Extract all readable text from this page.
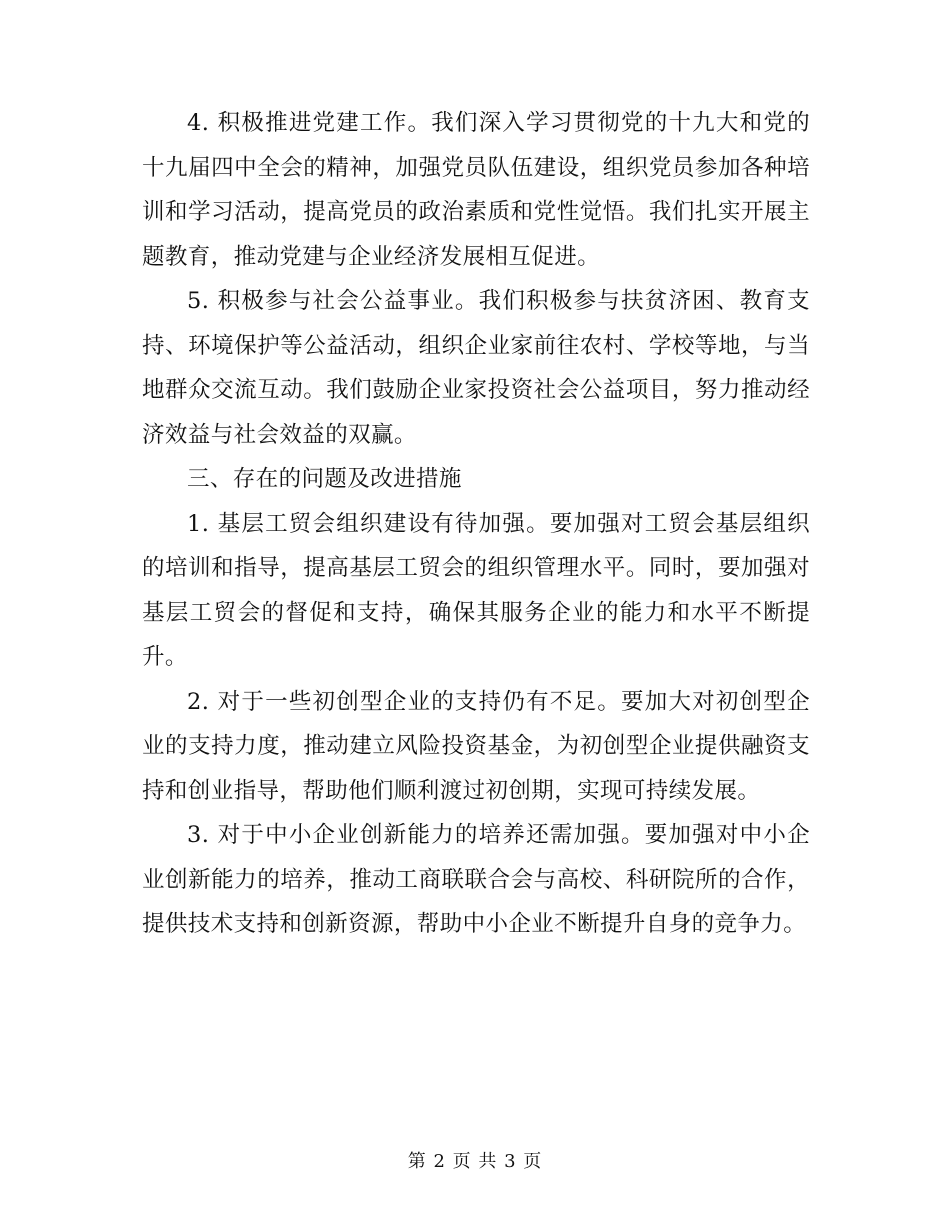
4. 积极推进党建工作。我们深入学习贯彻党的十九大和党的十九届四中全会的精神，加强党员队伍建设，组织党员参加各种培训和学习活动，提高党员的政治素质和党性觉悟。我们扎实开展主题教育，推动党建与企业经济发展相互促进。

5. 积极参与社会公益事业。我们积极参与扶贫济困、教育支持、环境保护等公益活动，组织企业家前往农村、学校等地，与当地群众交流互动。我们鼓励企业家投资社会公益项目，努力推动经济效益与社会效益的双赢。

三、存在的问题及改进措施

1. 基层工贸会组织建设有待加强。要加强对工贸会基层组织的培训和指导，提高基层工贸会的组织管理水平。同时，要加强对基层工贸会的督促和支持，确保其服务企业的能力和水平不断提升。

2. 对于一些初创型企业的支持仍有不足。要加大对初创型企业的支持力度，推动建立风险投资基金，为初创型企业提供融资支持和创业指导，帮助他们顺利渡过初创期，实现可持续发展。

3. 对于中小企业创新能力的培养还需加强。要加强对中小企业创新能力的培养，推动工商联联合会与高校、科研院所的合作，提供技术支持和创新资源，帮助中小企业不断提升自身的竞争力。

第 2 页 共 3 页
